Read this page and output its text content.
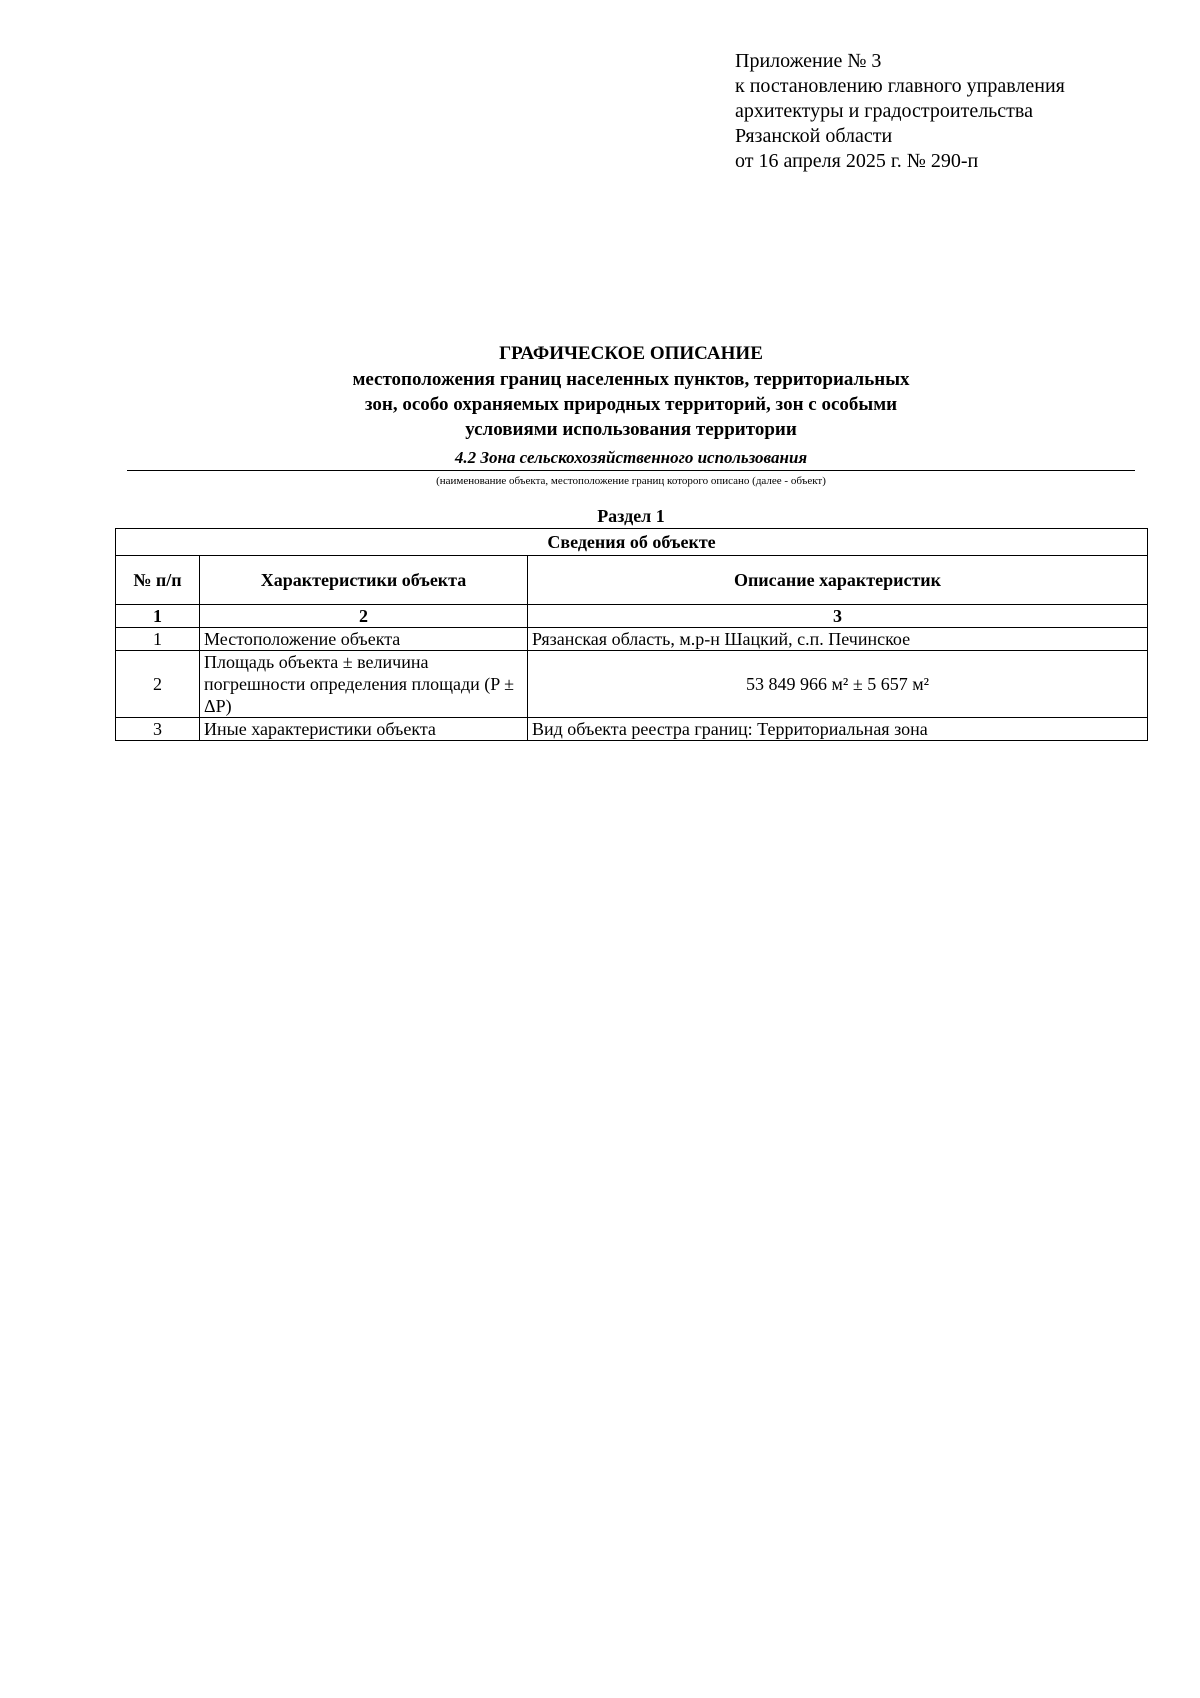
Приложение № 3
к постановлению главного управления
архитектуры и градостроительства
Рязанской области
от 16 апреля 2025 г. № 290-п
ГРАФИЧЕСКОЕ ОПИСАНИЕ
местоположения границ населенных пунктов, территориальных
зон, особо охраняемых природных территорий, зон с особыми
условиями использования территории
4.2 Зона сельскохозяйственного использования
(наименование объекта, местоположение границ которого описано (далее - объект)
Раздел 1
Сведения об объекте		
№ п/п	Характеристики объекта	Описание характеристик
1	2	3
1	Местоположение объекта	Рязанская область, м.р-н Шацкий, с.п. Печинское
2	Площадь объекта ± величина погрешности определения площади (P ± ΔP)	53 849 966 м² ± 5 657 м²
3	Иные характеристики объекта	Вид объекта реестра границ: Территориальная зона
